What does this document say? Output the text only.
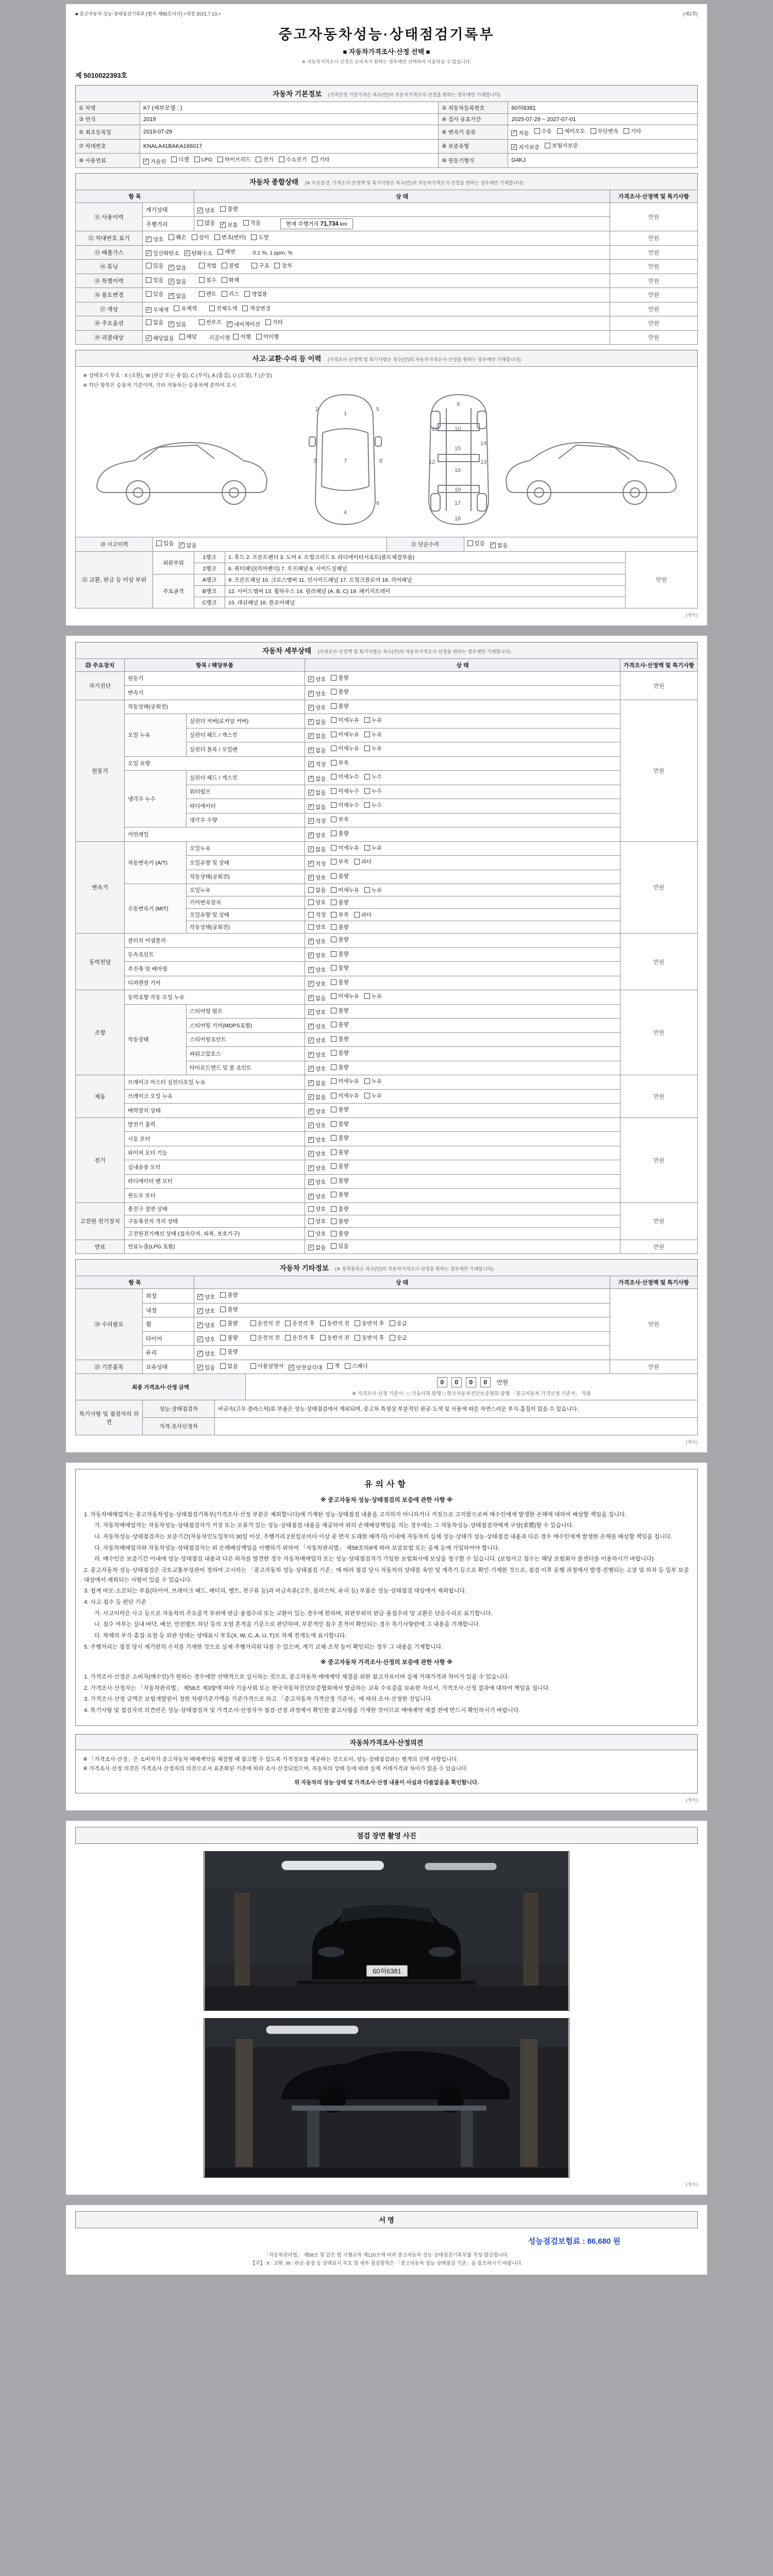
■ 중고자동차 성능·상태점검기록부 [별지 제82호서식] <개정 2021.7.13.>	(제1쪽)
중고자동차성능·상태점검기록부
■ 자동차가격조사·산정 선택 ■
※ 자동차가격조사·산정은 소비자가 원하는 경우에만 선택하여 이용하실 수 있습니다.
제 5010022393호
자동차 기본정보 (가격산정 기준가격은 복수(안)의 자동차가격조사·산정을 원하는 경우에만 기재합니다)
① 차명	K7 (세부모델 : )	② 자동차등록번호	60허6381
③ 연식	2019	④ 검사 유효기간	2025-07-29 ~ 2027-07-01
⑤ 최초등록일	2019-07-29	⑥ 변속기 종류	✓ 자동 수동 세미오토 무단변속 기타

⑦ 차대번호	KNALA41BAKA166017	⑧ 보증유형	✓ 자가보증 보험사보증

⑨ 사용연료	✓ 가솔린 디젤 LPG 하이브리드 전기 수소전기 기타	⑩ 원동기형식	G4KJ
자동차 종합상태 (※ 주요옵션, 가격조사·산정액 및 특기사항은 복수(안)의 자동차가격조사·산정을 원하는 경우에만 기재합니다)
항 목		상 태	가격조사·산정액 및 특기사항
⑪ 사용이력	계기상태	✓ 양호 불량	만원
	주행거리	많음 ✓ 보통 적음 현재 주행거리 71,734 km	
⑫ 차대번호 표기	✓ 양호 훼손 상이 변조(변타) 도말	만원
⑬ 배출가스	✓ 일산화탄소 ✓ 탄화수소 매연	0.1 %, 1 ppm, %	만원
⑭ 튜닝	있음 ✓ 없음	적법 불법	구조 장치	만원
⑮ 특별이력	있음 ✓ 없음 침수 화재		만원
⑯ 용도변경	있음 ✓ 없음	렌트 리스 영업용	만원
⑰ 색상	✓ 무채색 유채색 전체도색 색상변경		만원
⑱ 주요옵션	없음 ✓ 있음	썬루프 ✓ 네비게이션 기타	만원
⑲ 리콜대상	✓ 해당없음 해당 리콜이행 이행 미이행	만원
사고·교환·수리 등 이력 (가격조사·산정액 및 특기사항은 복수(안)의 자동차가격조사·산정을 원하는 경우에만 기재합니다)
※ 상태표시 부호 : X (교환), W (판금 또는 용접), C (부식), A (흠집), U (요철), T (손상)
※ 하단 항목은 승용차 기준이며, 기타 자동차는 승용차에 준하여 표시
1
2
3
4
5
6
7	8
9
10
11
12	13
14
15
16
17
18
19
⑳ 사고이력	있음 ✓ 없음	㉑ 단순수리	있음 ✓ 없음
㉒ 교환, 판금 등 이상 부위	외판부위	1랭크	1. 후드 2. 프론트펜더 3. 도어 4. 트렁크리드 5. 라디에이터서포트(볼트체결부품)	만원
		2랭크	6. 쿼터패널(리어펜더) 7. 루프패널 8. 사이드실패널	
	주요골격	A랭크	9. 프론트패널 10. 크로스멤버 11. 인사이드패널 17. 트렁크플로어 18. 리어패널	
		B랭크	12. 사이드멤버 13. 휠하우스 14. 필러패널 (A, B, C) 19. 패키지트레이	
		C랭크	15. 대쉬패널 16. 플로어패널	
(계속)
자동차 세부상태 (가격조사·산정액 및 특기사항은 복수(안)의 자동차가격조사·산정을 원하는 경우에만 기재합니다)
㉓ 주요장치	항목 / 해당부품		상 태	가격조사·산정액 및 특기사항
자기진단	원동기		✓ 양호 불량	만원
	변속기		✓ 양호 불량	

원동기	작동상태(공회전)		✓ 양호 불량	만원
	오일 누유	실린더 커버(로커암 커버)	✓ 없음 미세누유 누유	

		실린더 헤드 / 개스킷	✓ 없음 미세누유 누유	

		실린더 블록 / 오일팬	✓ 없음 미세누유 누유	

	오일 유량		✓ 적정 부족	

	냉각수 누수	실린더 헤드 / 개스킷	✓ 없음 미세누수 누수	

		워터펌프	✓ 없음 미세누수 누수	

		라디에이터	✓ 없음 미세누수 누수	

		냉각수 수량	✓ 적정 부족	

	커먼레일		✓ 양호 불량	

변속기	자동변속기 (A/T)	오일누유	✓ 없음 미세누유 누유	만원
		오일유량 및 상태	✓ 적정 부족 과다	

		작동상태(공회전)	✓ 양호 불량	

	수동변속기 (M/T)	오일누유	없음 미세누유 누유	

		기어변속장치	양호 불량	

		오일유량 및 상태	적정 부족 과다	

		작동상태(공회전)	양호 불량	

동력전달	클러치 어셈블리		✓ 양호 불량	만원
	등속조인트		✓ 양호 불량	

	추진축 및 베어링		✓ 양호 불량	

	디퍼렌셜 기어		✓ 양호 불량	

조향	동력조향 작동 오일 누유		✓ 없음 미세누유 누유	만원
	작동상태	스티어링 펌프	✓ 양호 불량	

		스티어링 기어(MDPS포함)	✓ 양호 불량	

		스티어링조인트	✓ 양호 불량	

		파워고압호스	✓ 양호 불량	

		타이로드엔드 및 볼 조인트	✓ 양호 불량	

제동	브레이크 마스터 실린더오일 누유		✓ 없음 미세누유 누유	만원
	브레이크 오일 누유		✓ 없음 미세누유 누유	

	배력장치 상태		✓ 양호 불량	

전기	발전기 출력		✓ 양호 불량	만원
	시동 모터		✓ 양호 불량	

	와이퍼 모터 기능		✓ 양호 불량	

	실내송풍 모터		✓ 양호 불량	

	라디에이터 팬 모터		✓ 양호 불량	

	윈도우 모터		✓ 양호 불량	

고전원 전기장치	충전구 절연 상태		양호 불량	만원
	구동축전지 격리 상태		양호 불량	

	고전원전기배선 상태 (접속단자, 피복, 보호기구)		양호 불량	

연료	연료누출(LPG 포함)		✓ 없음 있음	만원
자동차 기타정보 (※ 장착품목은 복수(안)의 자동차가격조사·산정을 원하는 경우에만 기재합니다)
항 목		상 태	가격조사·산정액 및 특기사항
㉔ 수리필요	외장	✓ 양호 불량	만원
	내장	✓ 양호 불량	

휠	✓ 양호 불량	운전석 전 운전석 후 동반석 전 동반석 후 응급

타이어	✓ 양호 불량	운전석 전 운전석 후 동반석 전 동반석 후 응급

	유리	✓ 양호 불량	

㉕ 기본품목	보유상태	✓ 있음 없음	사용설명서 ✓ 안전삼각대 잭 스패너	만원
최종 가격조사·산정 금액	0 0 0 0 만원
※ 가격조사·산정 기준서 : □ 기술사회 발행 □ 한국자동차진단보증협회 발행 「중고자동차 가격산정 기준서」 적용
특기사항 및 점검자의 의견	성능·상태점검자	비금속(고무·플라스틱)류 부품은 성능·상태점검에서 제외되며, 중고차 특성상 부분적인 판금·도색 및 사용에 따른 자연스러운 부식·흠집이 있을 수 있습니다.
	가격·조사산정자	
(계속)
유의사항
※ 중고자동차 성능·상태점검의 보증에 관한 사항 ※
1. 자동차매매업자는 중고자동차성능·상태점검기록부(가격조사·산정 부분은 제외합니다)에 기재된 성능·상태점검 내용을 고지하지 아니하거나 거짓으로 고지함으로써 매수인에게 발생한 손해에 대하여 배상할 책임을 집니다.
가. 자동차매매업자는 자동차성능·상태점검자가 거짓 또는 오류가 있는 성능·상태점검 내용을 제공하여 위의 손해배상책임을 지는 경우에는 그 자동차성능·상태점검자에게 구상(求償)할 수 있습니다.
나. 자동차성능·상태점검자는 보증기간(자동차인도일부터 30일 이상, 주행거리 2천킬로미터 이상 중 먼저 도래한 때까지) 이내에 자동차의 실제 성능·상태가 성능·상태점검 내용과 다른 경우 매수인에게 발생한 손해를 배상할 책임을 집니다.
다. 자동차매매업자와 자동차성능·상태점검자는 위 손해배상책임을 이행하기 위하여 「자동차관리법」 제58조의4에 따라 보증보험 또는 공제 등에 가입하여야 합니다.
라. 매수인은 보증기간 이내에 성능·상태점검 내용과 다른 하자를 발견한 경우 자동차매매업자 또는 성능·상태점검자가 가입한 보험회사에 보상을 청구할 수 있습니다. (보험사고 접수는 해당 보험회사 콜센터를 이용하시기 바랍니다)
2. 중고자동차 성능·상태점검은 국토교통부장관이 정하여 고시하는 「중고자동차 성능·상태점검 기준」에 따라 점검 당시 자동차의 상태를 육안 및 계측기 등으로 확인·기재한 것으로, 점검 이후 운행 과정에서 발생·진행되는 고장 및 하자 등 일부 보증 대상에서 제외되는 사항이 있을 수 있습니다.
3. 쉽게 마모·소모되는 부품(타이어, 브레이크 패드, 배터리, 벨트, 전구류 등)과 비금속류(고무, 플라스틱, 유리 등) 부품은 성능·상태점검 대상에서 제외됩니다.
4. 사고·침수 등 판단 기준
가. 사고이력은 사고 등으로 자동차의 주요골격 부위에 판금·용접수리 또는 교환이 있는 경우에 한하며, 외판부위의 판금·용접수리 및 교환은 단순수리로 표기합니다.
나. 침수 여부는 실내 바닥, 배선, 안전벨트 하단 등의 오염 흔적을 기준으로 판단하며, 부분적인 침수 흔적이 확인되는 경우 특기사항란에 그 내용을 기재합니다.
다. 차체의 부식·흠집·요철 등 외관 상태는 상태표시 부호(X, W, C, A, U, T)로 차체 전개도에 표시합니다.
5. 주행거리는 점검 당시 계기판의 수치를 기재한 것으로 실제 주행거리와 다를 수 있으며, 계기 교체·조작 등이 확인되는 경우 그 내용을 기재합니다.
※ 중고자동차 가격조사·산정의 보증에 관한 사항 ※
1. 가격조사·산정은 소비자(매수인)가 원하는 경우에만 선택적으로 실시하는 것으로, 중고자동차 매매계약 체결을 위한 참고자료이며 실제 거래가격과 차이가 있을 수 있습니다.
2. 가격조사·산정자는 「자동차관리법」 제58조 제3항에 따라 기술사회 또는 한국자동차진단보증협회에서 발급하는 교육 수료증을 보유한 자로서, 가격조사·산정 결과에 대하여 책임을 집니다.
3. 가격조사·산정 금액은 보험개발원이 정한 차량기준가액을 기준가격으로 하고 「중고자동차 가격산정 기준서」에 따라 조사·산정한 것입니다.
4. 특기사항 및 점검자의 의견란은 성능·상태점검자 및 가격조사·산정자가 점검·산정 과정에서 확인한 참고사항을 기재한 것이므로 매매계약 체결 전에 반드시 확인하시기 바랍니다.
자동차가격조사·산정의견
※ 「가격조사·산정」은 소비자가 중고자동차 매매계약을 체결할 때 참고할 수 있도록 가격정보를 제공하는 것으로서, 성능·상태점검과는 별개의 선택 사항입니다.
※ 가격조사·산정 의견은 가격조사·산정자의 의견으로서 표준화된 기준에 따라 조사·산정되었으며, 자동차의 상태 등에 따라 실제 거래가격과 차이가 있을 수 있습니다.
위 자동차의 성능·상태 및 가격조사·산정 내용이 사실과 다름없음을 확인합니다.
(계속)
점검 장면 촬영 사진
60허6381
(계속)
서 명
성능점검보험료 : 86,680 원
「자동차관리법」 제58조 및 같은 법 시행규칙 제120조에 따라 중고자동차 성능·상태점검기록부를 작성·발급합니다.
【주】 X : 교환, W : 판금·용접 등 상태표시 부호 및 세부 점검항목은 「중고자동차 성능·상태점검 기준」을 참조하시기 바랍니다.
